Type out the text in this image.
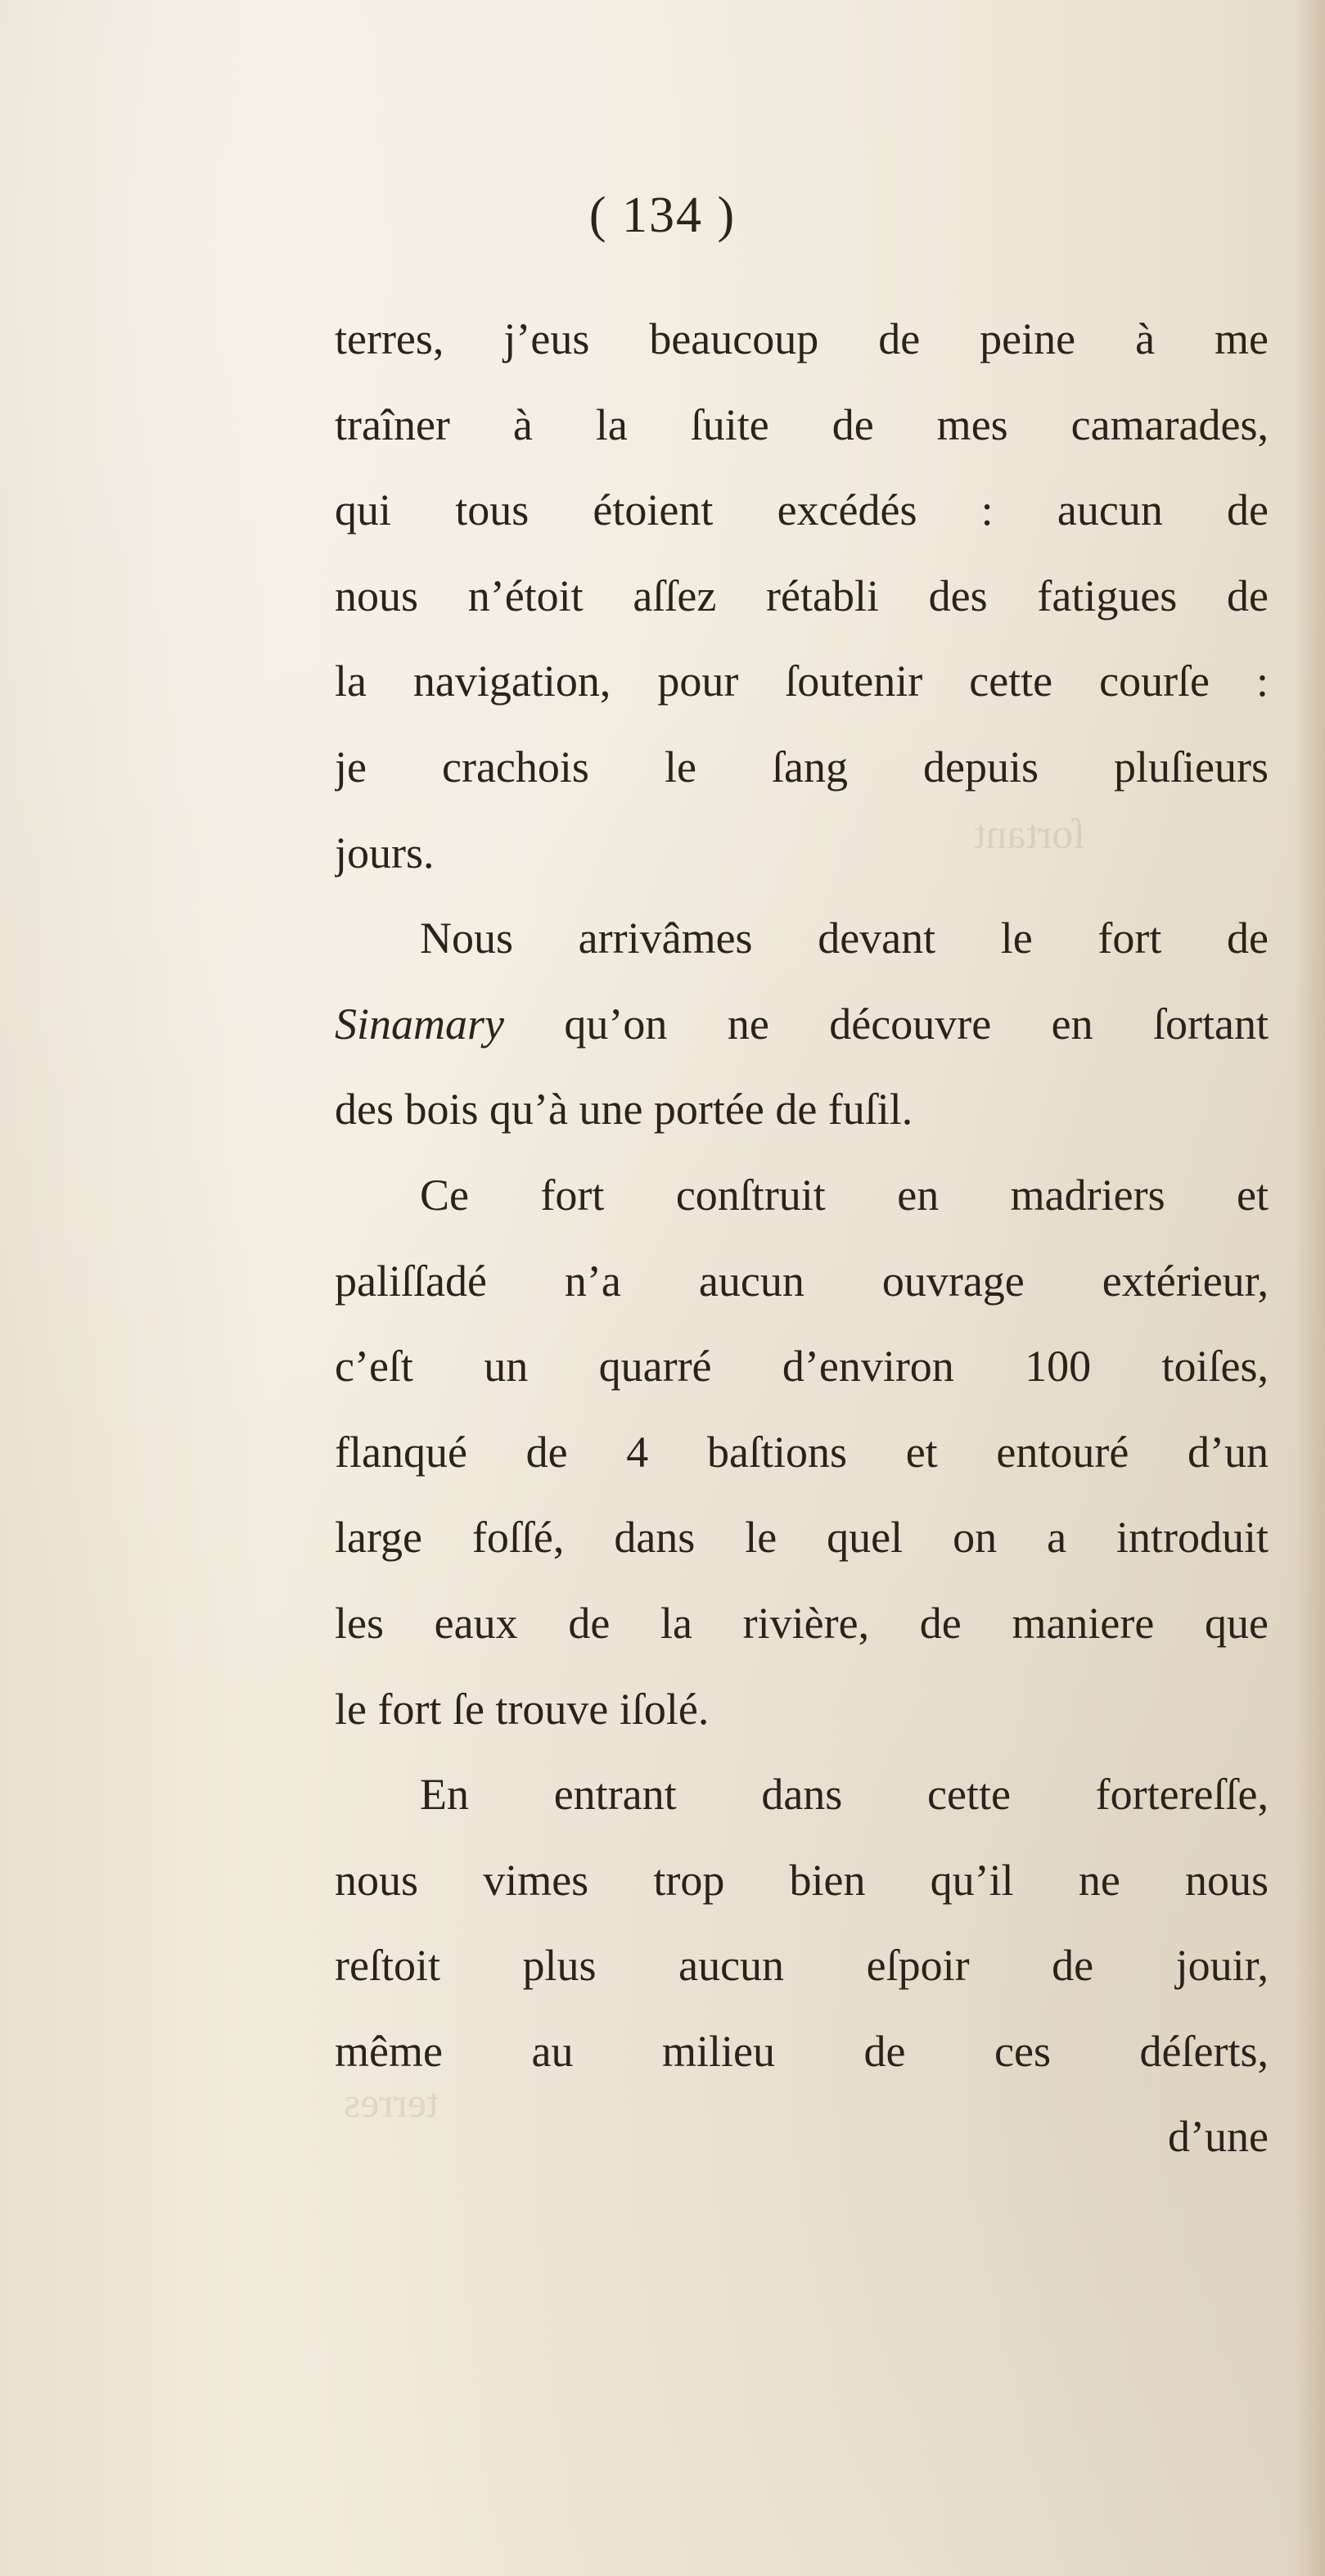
ſortant
terres
( 134 )
terres, j’eus beaucoup de peine à me
traîner à la ſuite de mes camarades,
qui tous étoient excédés : aucun de
nous n’étoit aſſez rétabli des fatigues de
la navigation, pour ſoutenir cette courſe :
je crachois le ſang depuis pluſieurs
jours.
Nous arrivâmes devant le fort de
Sinamary qu’on ne découvre en ſortant
des bois qu’à une portée de fuſil.
Ce fort conſtruit en madriers et
paliſſadé n’a aucun ouvrage extérieur,
c’eſt un quarré d’environ 100 toiſes,
flanqué de 4 baſtions et entouré d’un
large foſſé, dans le quel on a introduit
les eaux de la rivière, de maniere que
le fort ſe trouve iſolé.
En entrant dans cette fortereſſe,
nous vimes trop bien qu’il ne nous
reſtoit plus aucun eſpoir de jouir,
même au milieu de ces déſerts,
d’une
